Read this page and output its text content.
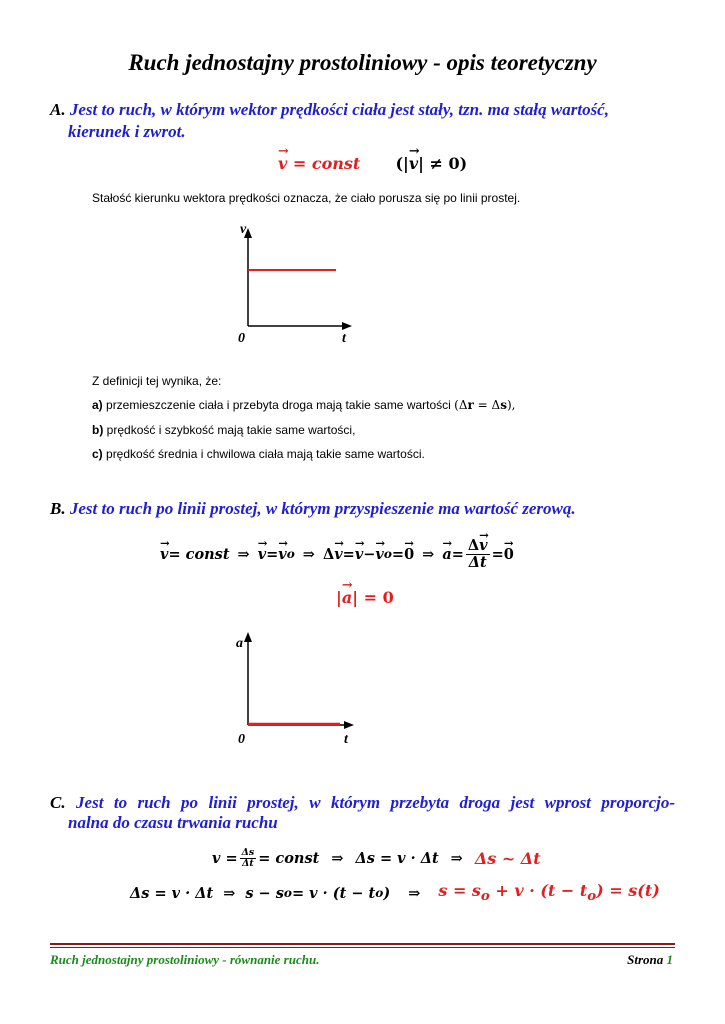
Ruch jednostajny prostoliniowy - opis teoretyczny
A. Jest to ruch, w którym wektor prędkości ciała jest stały, tzn. ma stałą wartość,
kierunek i zwrot.
→ v = const (|→ v| ≠ 0)
Stałość kierunku wektora prędkości oznacza, że ciało porusza się po linii prostej.
v
0	t
Z definicji tej wynika, że:
a) przemieszczenie ciała i przebyta droga mają takie same wartości (Δr = Δs),
b) prędkość i szybkość mają takie same wartości,
c) prędkość średnia i chwilowa ciała mają takie same wartości.
B. Jest to ruch po linii prostej, w którym przyspieszenie ma wartość zerową.
→ v = const ⇒ → v = → v o ⇒ Δ → v = → v − → v o = → 0 ⇒ → $a = \frac{\Delta\to v}{\Delta t}$ = → 0
|→ a| = 0
a
0	t
C. Jest to ruch po linii prostej, w którym przebyta droga jest wprost proporcjo-
nalna do czasu trwania ruchu
$v = \frac{\Delta s}{\Delta t}$ = const ⇒ Δs = v · Δt ⇒ Δs ~ Δt
Δs = v · Δt ⇒ s − s o = v · (t − t o ) ⇒ $s = s_o + v \cdot (t - t_o) = s(t)$
Ruch jednostajny prostoliniowy - równanie ruchu.	Strona 1
